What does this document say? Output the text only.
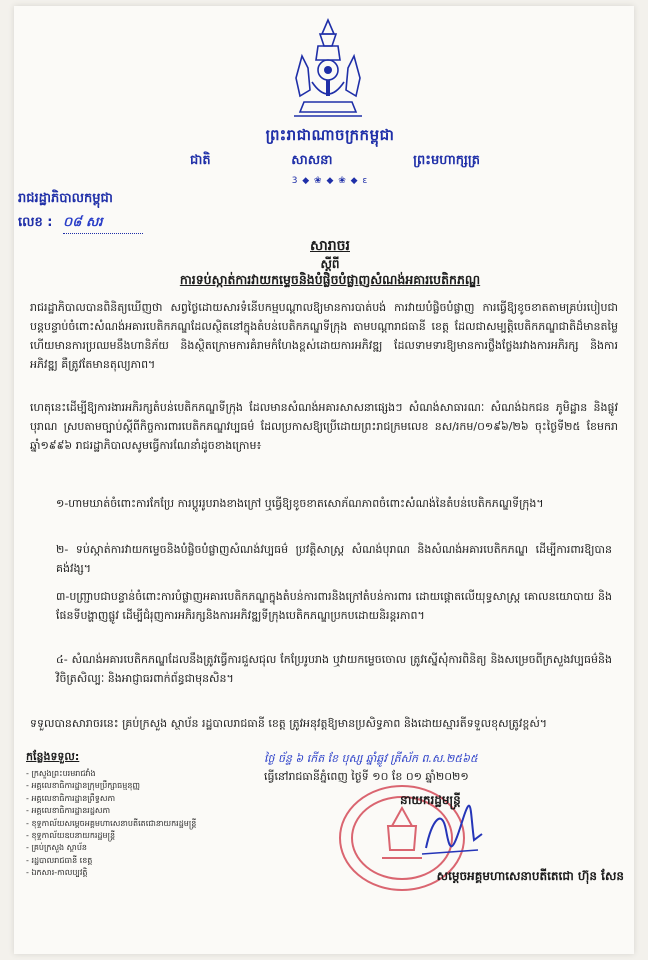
ព្រះរាជាណាចក្រកម្ពុជា
ជាតិ	សាសនា	ព្រះមហាក្សត្រ
3 ◆ ❀ ◆ ❀ ◆ ε
រាជរដ្ឋាភិបាលកម្ពុជា
លេខ : ០៨ សរ
សារាចរ
ស្តីពី
ការទប់ស្កាត់ការវាយកម្ទេចនិងបំផ្លិចបំផ្លាញសំណង់អគារបេតិកភណ្ឌ
រាជរដ្ឋាភិបាលបានពិនិត្យឃើញថា សព្វថ្ងៃដោយសារទំនើបកម្មបណ្តាលឱ្យមានការបាត់បង់ ការវាយបំផ្លិចបំផ្លាញ ការធ្វើឱ្យខូចខាតតាមគ្រប់របៀបជាបន្តបន្ទាប់ចំពោះសំណង់អគារបេតិកភណ្ឌដែលស្ថិតនៅក្នុងតំបន់បេតិកភណ្ឌទីក្រុង តាមបណ្តារាជធានី ខេត្ត ដែលជាសម្បត្តិបេតិកភណ្ឌជាតិដ៏មានតម្លៃ ហើយមានការប្រឈមនឹងហានិភ័យ និងស្ថិតក្រោមការគំរាមកំហែងខ្ពស់ដោយការអភិវឌ្ឍ ដែលទាមទារឱ្យមានការថ្លឹងថ្លែងរវាងការអភិរក្ស និងការអភិវឌ្ឍ គឺត្រូវតែមានតុល្យភាព។
ហេតុនេះដើម្បីឱ្យការងារអភិរក្សតំបន់បេតិកភណ្ឌទីក្រុង ដែលមានសំណង់អគារសាសនាផ្សេងៗ សំណង់សាធារណៈ សំណង់ឯកជន ភូមិដ្ឋាន និងផ្លូវបុរាណ ស្របតាមច្បាប់ស្តីពីកិច្ចការពារបេតិកភណ្ឌវប្បធម៌ ដែលប្រកាសឱ្យប្រើដោយព្រះរាជក្រមលេខ នស/រកម/០១៩៦/២៦ ចុះថ្ងៃទី២៥ ខែមករា ឆ្នាំ១៩៩៦ រាជរដ្ឋាភិបាលសូមធ្វើការណែនាំដូចខាងក្រោម៖
១-ហាមឃាត់ចំពោះការកែប្រែ ការប្តូររូបរាងខាងក្រៅ ឬធ្វើឱ្យខូចខាតសោភ័ណភាពចំពោះសំណង់នៃតំបន់បេតិកភណ្ឌទីក្រុង។
២- ទប់ស្កាត់ការវាយកម្ទេចនិងបំផ្លិចបំផ្លាញសំណង់វប្បធម៌ ប្រវត្តិសាស្ត្រ សំណង់បុរាណ និងសំណង់អគារបេតិកភណ្ឌ ដើម្បីការពារឱ្យបានគង់វង្ស។
៣-បញ្ជ្រាបជាបន្ទាន់ចំពោះការបំផ្លាញអគារបេតិកភណ្ឌក្នុងតំបន់ការពារនិងក្រៅតំបន់ការពារ ដោយផ្តោតលើយុទ្ធសាស្ត្រ គោលនយោបាយ និងផែនទីបង្ហាញផ្លូវ ដើម្បីជំរុញការអភិរក្សនិងការអភិវឌ្ឍទីក្រុងបេតិកភណ្ឌប្រកបដោយនិរន្តរភាព។
៤- សំណង់អគារបេតិកភណ្ឌដែលនឹងត្រូវធ្វើការជួសជុល កែប្រែរូបរាង ឬវាយកម្ទេចចោល ត្រូវស្នើសុំការពិនិត្យ និងសម្រេចពីក្រសួងវប្បធម៌និងវិចិត្រសិល្បៈ និងអាជ្ញាធរពាក់ព័ន្ធជាមុនសិន។
ទទួលបានសារាចរនេះ គ្រប់ក្រសួង ស្ថាប័ន រដ្ឋបាលរាជធានី ខេត្ត ត្រូវអនុវត្តឱ្យមានប្រសិទ្ធភាព និងដោយស្មារតីទទួលខុសត្រូវខ្ពស់។
ថ្ងៃ ច័ន្ទ ៦ កើត ខែ បុស្ស ឆ្នាំឆ្លូវ ត្រីស័ក ព.ស.២៥៦៥
ធ្វើនៅរាជធានីភ្នំពេញ ថ្ងៃទី ១០ ខែ ០១ ឆ្នាំ២០២១
នាយករដ្ឋមន្ត្រី
សម្តេចអគ្គមហាសេនាបតីតេជោ ហ៊ុន សែន
កន្លែងទទួល:
- ក្រសួងព្រះបរមរាជវាំង
- អគ្គលេខាធិការដ្ឋានក្រុមប្រឹក្សាធម្មនុញ្ញ
- អគ្គលេខាធិការដ្ឋានព្រឹទ្ធសភា
- អគ្គលេខាធិការដ្ឋានរដ្ឋសភា
- ខុទ្ទកាល័យសម្តេចអគ្គមហាសេនាបតីតេជោនាយករដ្ឋមន្ត្រី
- ខុទ្ទកាល័យឧបនាយករដ្ឋមន្ត្រី
- គ្រប់ក្រសួង ស្ថាប័ន
- រដ្ឋបាលរាជធានី ខេត្ត
- ឯកសារ-កាលប្បវត្តិ
